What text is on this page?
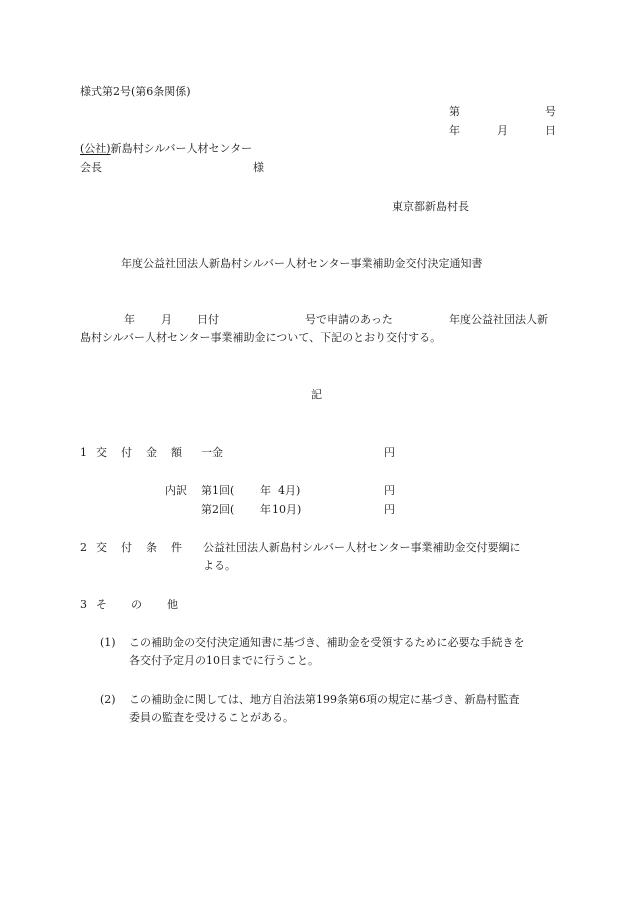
様式第2号(第6条関係)
第	号
年	月	日
(公社)新島村シルバー人材センター
会長	様
東京都新島村長
年度公益社団法人新島村シルバー人材センター事業補助金交付決定通知書
年 月 日付	号で申請のあった	年度公益社団法人新
島村シルバー人材センター事業補助金について、下記のとおり交付する。
記
1 交 付 金 額 一金	円
内訳 第1回( 年 4月)	円
第2回( 年 10月)	円
2 交 付 条 件 公益社団法人新島村シルバー人材センター事業補助金交付要綱に
よる。
3 そ の 他
(1) この補助金の交付決定通知書に基づき、補助金を受領するために必要な手続きを
各交付予定月の10日までに行うこと。
(2) この補助金に関しては、地方自治法第199条第6項の規定に基づき、新島村監査
委員の監査を受けることがある。
